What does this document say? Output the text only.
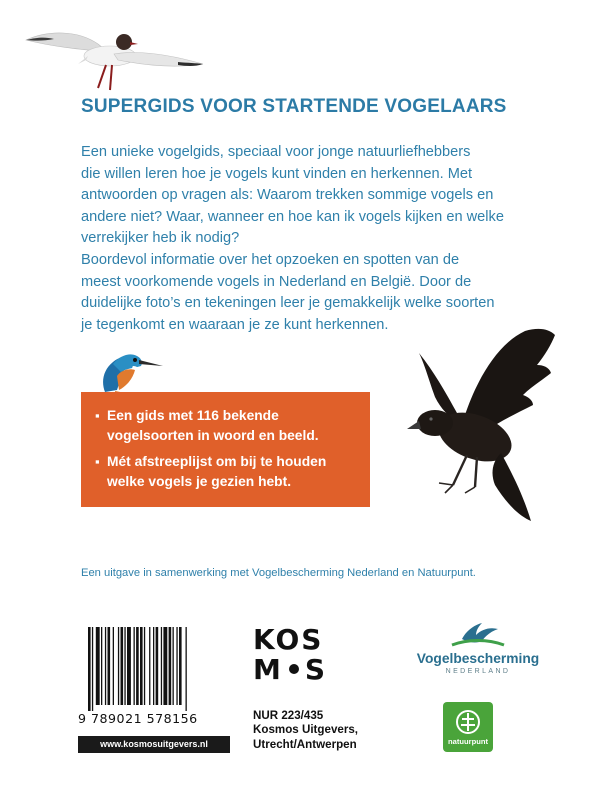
SUPERGIDS VOOR STARTENDE VOGELAARS

Een unieke vogelgids, speciaal voor jonge natuurliefhebbers

die willen leren hoe je vogels kunt vinden en herkennen. Met

antwoorden op vragen als: Waarom trekken sommige vogels en

andere niet? Waar, wanneer en hoe kan ik vogels kijken en welke

verrekijker heb ik nodig?

Boordevol informatie over het opzoeken en spotten van de

meest voorkomende vogels in Nederland en België. Door de

duidelijke foto’s en tekeningen leer je gemakkelijk welke soorten

je tegenkomt en waaraan je ze kunt herkennen.

▪ Een gids met 116 bekende
vogelsoorten in woord en beeld.
▪ Mét afstreeplijst om bij te houden
welke vogels je gezien hebt.
Een uitgave in samenwerking met Vogelbescherming Nederland en Natuurpunt.
9 789021 578156
www.kosmosuitgevers.nl
KOS
M S
NUR 223/435
Kosmos Uitgevers,
Utrecht/Antwerpen
Vogelbescherming
NEDERLAND
natuurpunt
